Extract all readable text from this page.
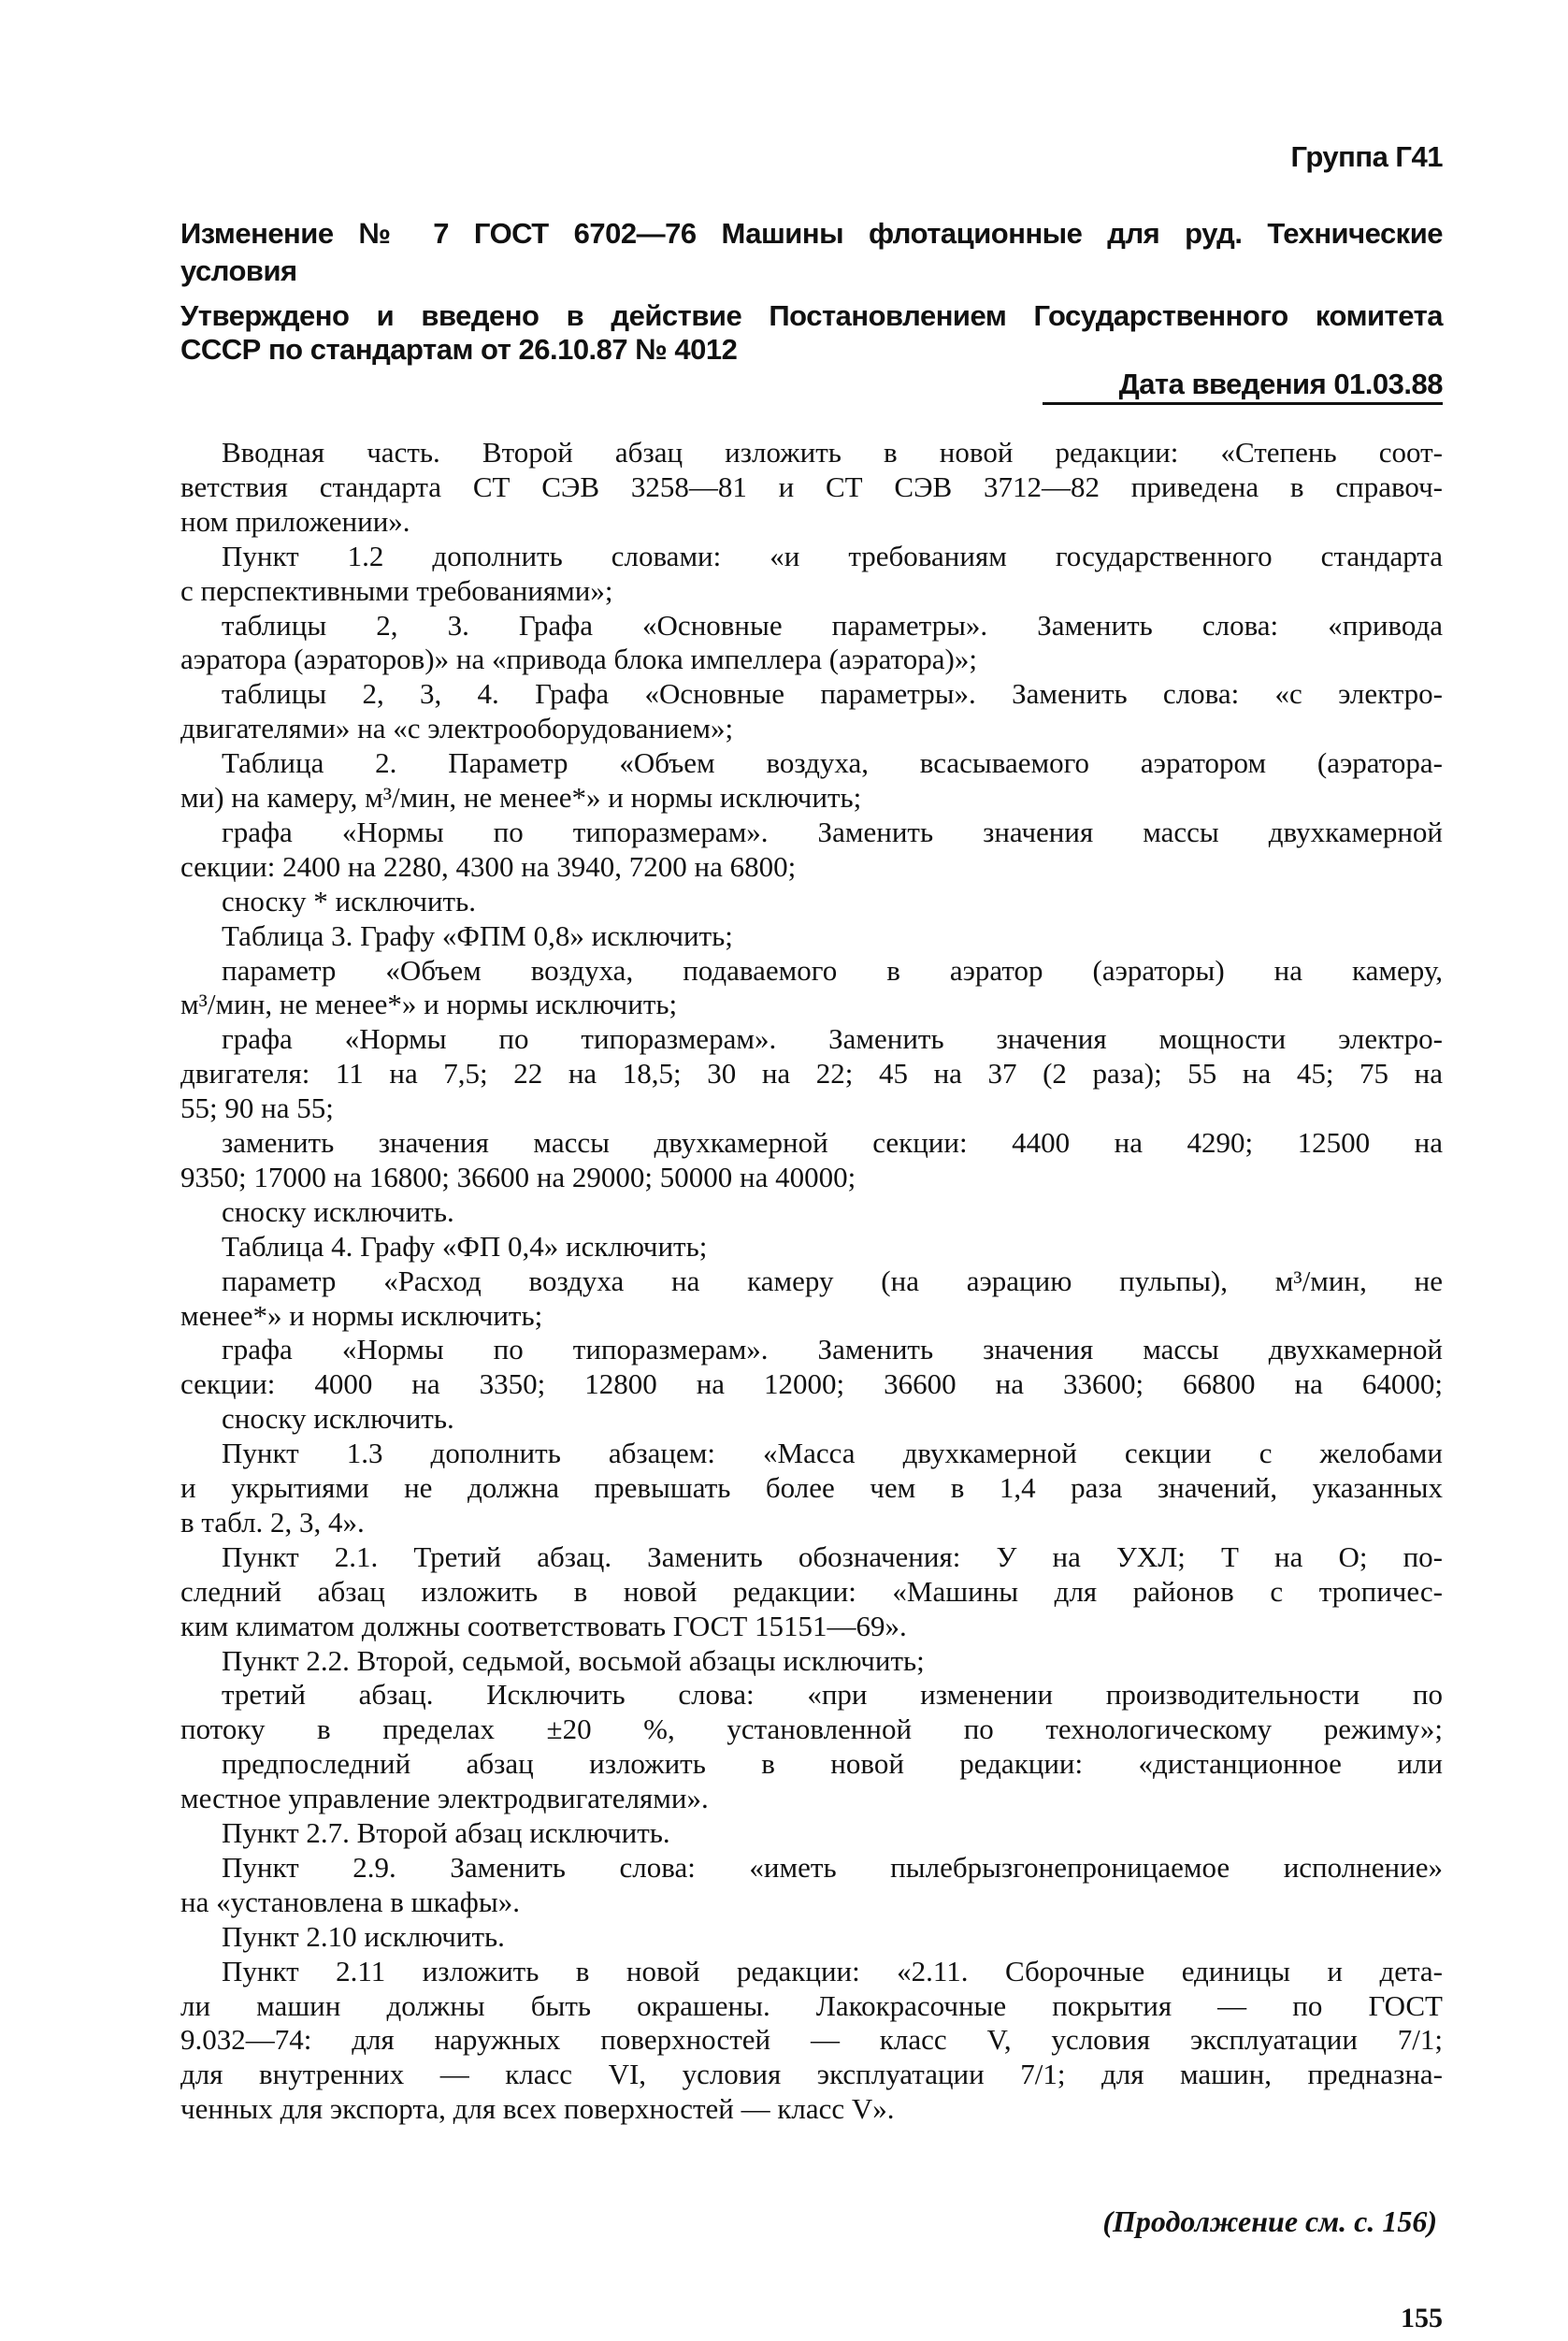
Группа Г41
Изменение № 7 ГОСТ 6702—76 Машины флотационные для руд. Технические
условия
Утверждено и введено в действие Постановлением Государственного комитета
СССР по стандартам от 26.10.87 № 4012
Дата введения 01.03.88
Вводная часть. Второй абзац изложить в новой редакции: «Степень соот-
ветствия стандарта СТ СЭВ 3258—81 и СТ СЭВ 3712—82 приведена в справоч-
ном приложении».
Пункт 1.2 дополнить словами: «и требованиям государственного стандарта
с перспективными требованиями»;
таблицы 2, 3. Графа «Основные параметры». Заменить слова: «привода
аэратора (аэраторов)» на «привода блока импеллера (аэратора)»;
таблицы 2, 3, 4. Графа «Основные параметры». Заменить слова: «с электро-
двигателями» на «с электрооборудованием»;
Таблица 2. Параметр «Объем воздуха, всасываемого аэратором (аэратора-
ми) на камеру, м³/мин, не менее*» и нормы исключить;
графа «Нормы по типоразмерам». Заменить значения массы двухкамерной
секции: 2400 на 2280, 4300 на 3940, 7200 на 6800;
сноску * исключить.
Таблица 3. Графу «ФПМ 0,8» исключить;
параметр «Объем воздуха, подаваемого в аэратор (аэраторы) на камеру,
м³/мин, не менее*» и нормы исключить;
графа «Нормы по типоразмерам». Заменить значения мощности электро-
двигателя: 11 на 7,5; 22 на 18,5; 30 на 22; 45 на 37 (2 раза); 55 на 45; 75 на
55; 90 на 55;
заменить значения массы двухкамерной секции: 4400 на 4290; 12500 на
9350; 17000 на 16800; 36600 на 29000; 50000 на 40000;
сноску исключить.
Таблица 4. Графу «ФП 0,4» исключить;
параметр «Расход воздуха на камеру (на аэрацию пульпы), м³/мин, не
менее*» и нормы исключить;
графа «Нормы по типоразмерам». Заменить значения массы двухкамерной
секции: 4000 на 3350; 12800 на 12000; 36600 на 33600; 66800 на 64000;
сноску исключить.
Пункт 1.3 дополнить абзацем: «Масса двухкамерной секции с желобами
и укрытиями не должна превышать более чем в 1,4 раза значений, указанных
в табл. 2, 3, 4».
Пункт 2.1. Третий абзац. Заменить обозначения: У на УХЛ; Т на О; по-
следний абзац изложить в новой редакции: «Машины для районов с тропичес-
ким климатом должны соответствовать ГОСТ 15151—69».
Пункт 2.2. Второй, седьмой, восьмой абзацы исключить;
третий абзац. Исключить слова: «при изменении производительности по
потоку в пределах ±20 %, установленной по технологическому режиму»;
предпоследний абзац изложить в новой редакции: «дистанционное или
местное управление электродвигателями».
Пункт 2.7. Второй абзац исключить.
Пункт 2.9. Заменить слова: «иметь пылебрызгонепроницаемое исполнение»
на «установлена в шкафы».
Пункт 2.10 исключить.
Пункт 2.11 изложить в новой редакции: «2.11. Сборочные единицы и дета-
ли машин должны быть окрашены. Лакокрасочные покрытия — по ГОСТ
9.032—74: для наружных поверхностей — класс V, условия эксплуатации 7/1;
для внутренних — класс VI, условия эксплуатации 7/1; для машин, предназна-
ченных для экспорта, для всех поверхностей — класс V».
(Продолжение см. с. 156)
155
